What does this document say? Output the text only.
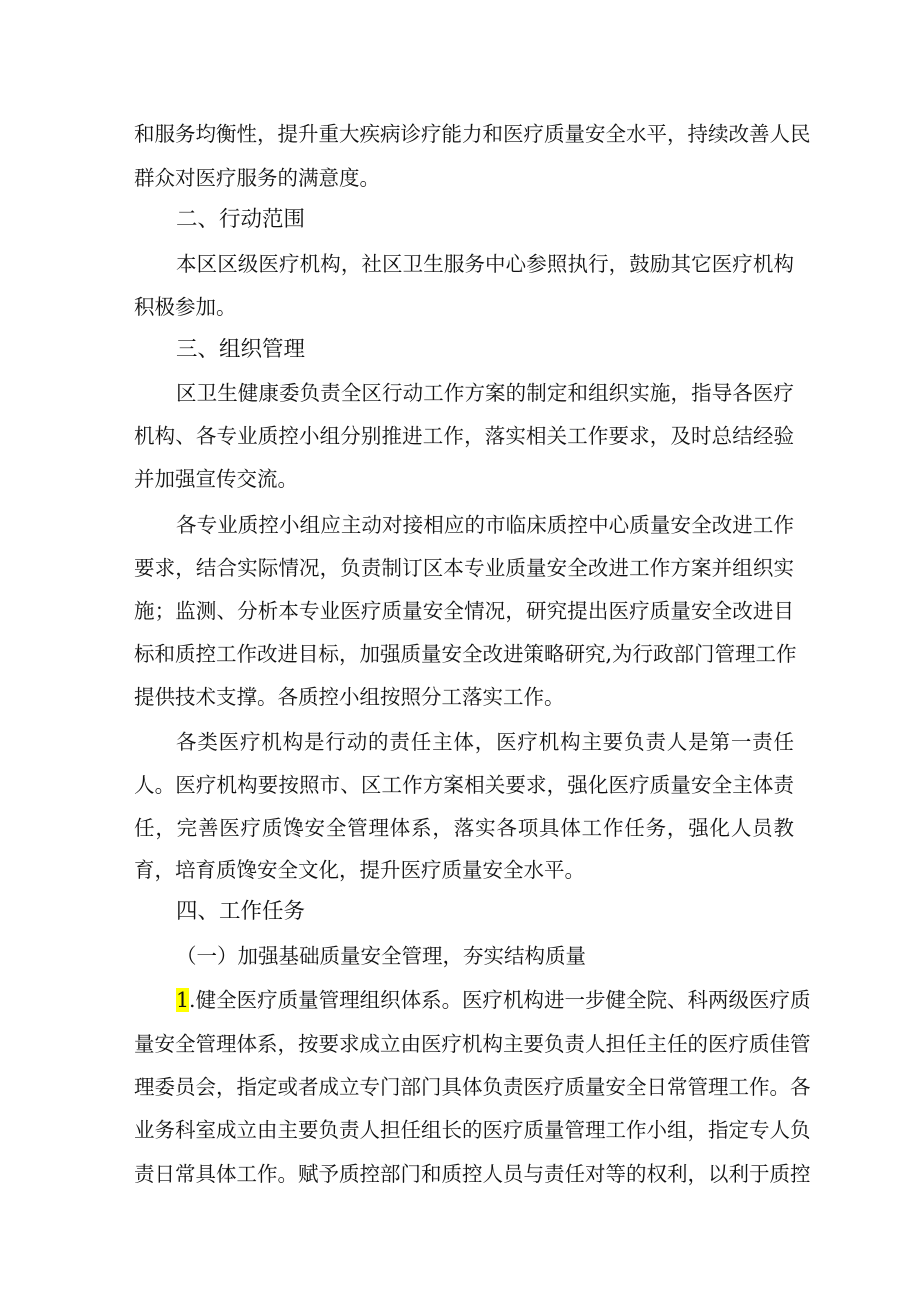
和服务均衡性，提升重大疾病诊疗能力和医疗质量安全水平，持续改善人民
群众对医疗服务的满意度。
二、行动范围
本区区级医疗机构，社区卫生服务中心参照执行，鼓励其它医疗机构
积极参加。
三、组织管理
区卫生健康委负责全区行动工作方案的制定和组织实施，指导各医疗
机构、各专业质控小组分别推进工作，落实相关工作要求，及时总结经验
并加强宣传交流。
各专业质控小组应主动对接相应的市临床质控中心质量安全改进工作
要求，结合实际情况，负责制订区本专业质量安全改进工作方案并组织实
施；监测、分析本专业医疗质量安全情况，研究提出医疗质量安全改进目
标和质控工作改进目标，加强质量安全改进策略研究,为行政部门管理工作
提供技术支撑。各质控小组按照分工落实工作。
各类医疗机构是行动的责任主体，医疗机构主要负责人是第一责任
人。医疗机构要按照市、区工作方案相关要求，强化医疗质量安全主体责
任，完善医疗质馋安全管理体系，落实各项具体工作任务，强化人员教
育，培育质馋安全文化，提升医疗质量安全水平。
四、工作任务
（一）加强基础质量安全管理，夯实结构质量
1.健全医疗质量管理组织体系。医疗机构进一步健全院、科两级医疗质
量安全管理体系，按要求成立由医疗机构主要负责人担任主任的医疗质佳管
理委员会，指定或者成立专门部门具体负责医疗质量安全日常管理工作。各
业务科室成立由主要负责人担任组长的医疗质量管理工作小组，指定专人负
责日常具体工作。赋予质控部门和质控人员与责任对等的权利，以利于质控
